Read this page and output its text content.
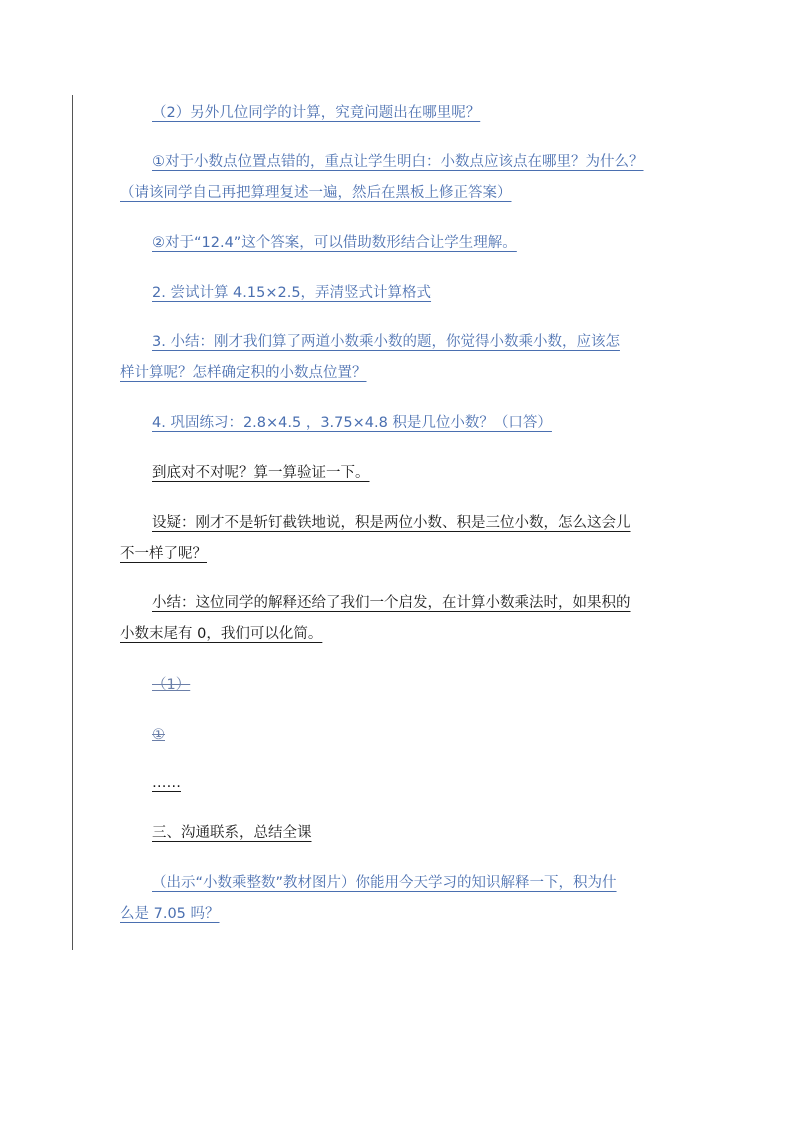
（2）另外几位同学的计算，究竟问题出在哪里呢？
①对于小数点位置点错的，重点让学生明白：小数点应该点在哪里？为什么？
（请该同学自己再把算理复述一遍，然后在黑板上修正答案）
②对于“12.4”这个答案，可以借助数形结合让学生理解。
2. 尝试计算 4.15×2.5，弄清竖式计算格式
3. 小结：刚才我们算了两道小数乘小数的题，你觉得小数乘小数，应该怎
样计算呢？怎样确定积的小数点位置？
4. 巩固练习：2.8×4.5 ，3.75×4.8 积是几位小数？（口答）
到底对不对呢？算一算验证一下。
设疑：刚才不是斩钉截铁地说，积是两位小数、积是三位小数，怎么这会儿
不一样了呢？
小结：这位同学的解释还给了我们一个启发，在计算小数乘法时，如果积的
小数末尾有 0，我们可以化简。
（1）
①
……
三、沟通联系，总结全课
（出示“小数乘整数”教材图片）你能用今天学习的知识解释一下，积为什
么是 7.05 吗？
